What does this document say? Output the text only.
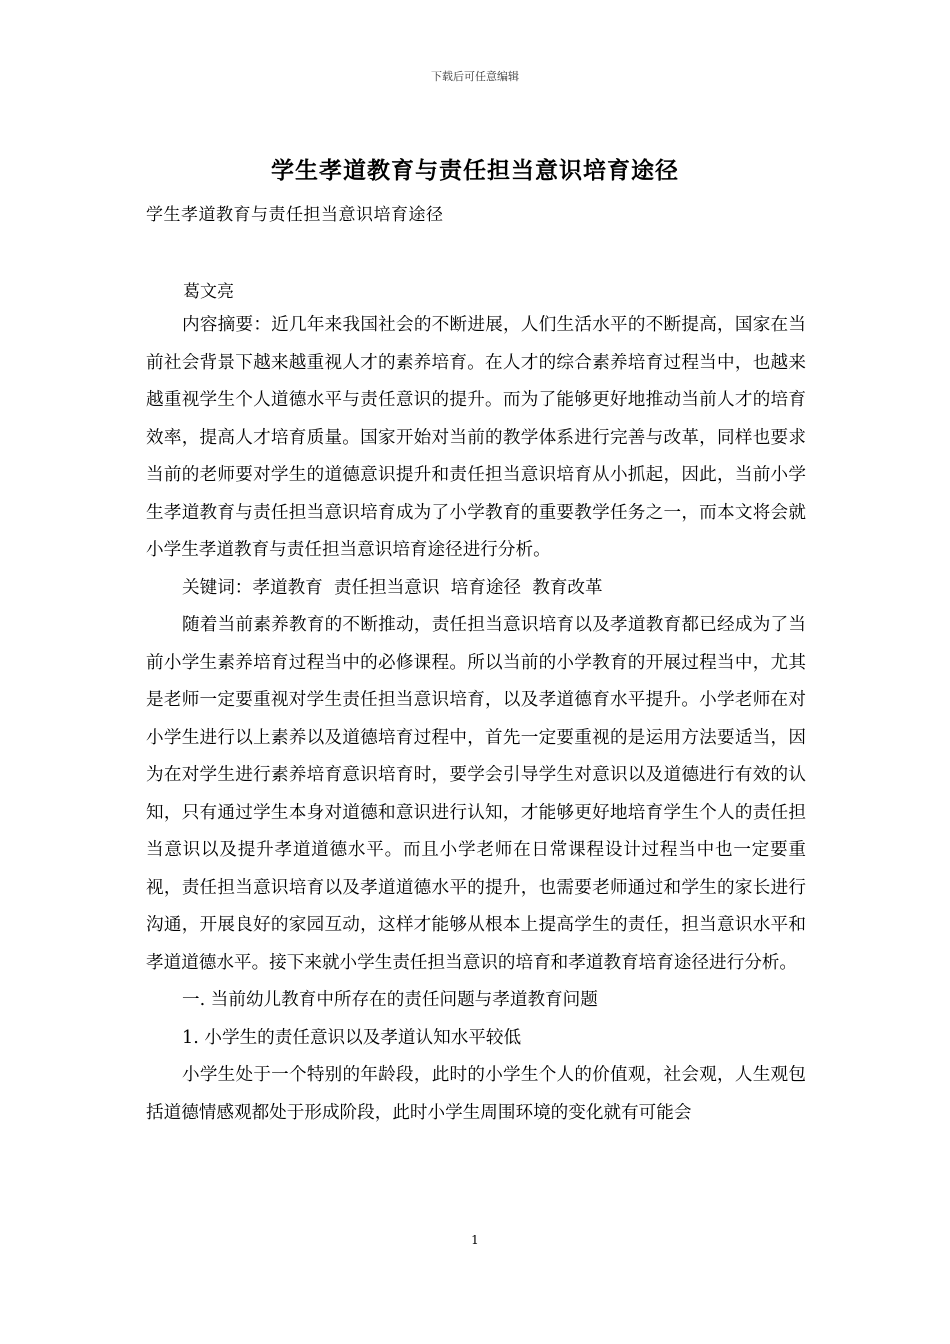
下载后可任意编辑
学生孝道教育与责任担当意识培育途径
学生孝道教育与责任担当意识培育途径
葛文亮

内容摘要：近几年来我国社会的不断进展，人们生活水平的不断提高，国家在当前社会背景下越来越重视人才的素养培育。在人才的综合素养培育过程当中，也越来越重视学生个人道德水平与责任意识的提升。而为了能够更好地推动当前人才的培育效率，提高人才培育质量。国家开始对当前的教学体系进行完善与改革，同样也要求当前的老师要对学生的道德意识提升和责任担当意识培育从小抓起，因此，当前小学生孝道教育与责任担当意识培育成为了小学教育的重要教学任务之一，而本文将会就小学生孝道教育与责任担当意识培育途径进行分析。

关键词：孝道教育  责任担当意识  培育途径  教育改革

随着当前素养教育的不断推动，责任担当意识培育以及孝道教育都已经成为了当前小学生素养培育过程当中的必修课程。所以当前的小学教育的开展过程当中，尤其是老师一定要重视对学生责任担当意识培育，以及孝道德育水平提升。小学老师在对小学生进行以上素养以及道德培育过程中，首先一定要重视的是运用方法要适当，因为在对学生进行素养培育意识培育时，要学会引导学生对意识以及道德进行有效的认知，只有通过学生本身对道德和意识进行认知，才能够更好地培育学生个人的责任担当意识以及提升孝道道德水平。而且小学老师在日常课程设计过程当中也一定要重视，责任担当意识培育以及孝道道德水平的提升，也需要老师通过和学生的家长进行沟通，开展良好的家园互动，这样才能够从根本上提高学生的责任，担当意识水平和孝道道德水平。接下来就小学生责任担当意识的培育和孝道教育培育途径进行分析。

一. 当前幼儿教育中所存在的责任问题与孝道教育问题

1. 小学生的责任意识以及孝道认知水平较低

小学生处于一个特别的年龄段，此时的小学生个人的价值观，社会观，人生观包括道德情感观都处于形成阶段，此时小学生周围环境的变化就有可能会

1
